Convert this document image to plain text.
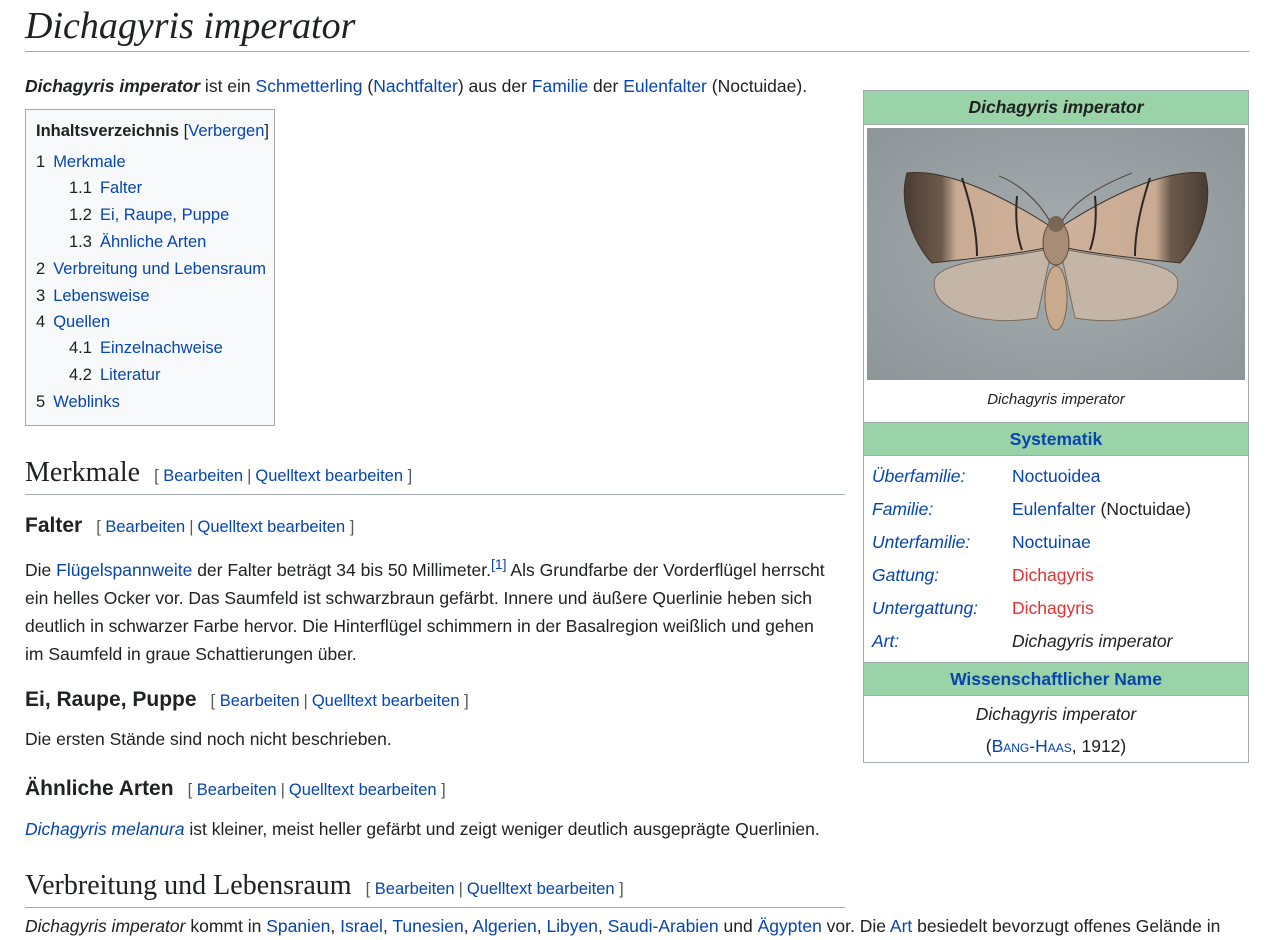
Dichagyris imperator

Dichagyris imperator ist ein Schmetterling (Nachtfalter) aus der Familie der Eulenfalter (Noctuidae).

Inhaltsverzeichnis [Verbergen]
1 Merkmale
1.1 Falter
1.2 Ei, Raupe, Puppe
1.3 Ähnliche Arten
2 Verbreitung und Lebensraum
3 Lebensweise
4 Quellen
4.1 Einzelnachweise
4.2 Literatur
5 Weblinks
Merkmale [ Bearbeiten | Quelltext bearbeiten ]
Falter [ Bearbeiten | Quelltext bearbeiten ]
Die Flügelspannweite der Falter beträgt 34 bis 50 Millimeter.[1] Als Grundfarbe der Vorderflügel herrscht
ein helles Ocker vor. Das Saumfeld ist schwarzbraun gefärbt. Innere und äußere Querlinie heben sich
deutlich in schwarzer Farbe hervor. Die Hinterflügel schimmern in der Basalregion weißlich und gehen
im Saumfeld in graue Schattierungen über.
Ei, Raupe, Puppe [ Bearbeiten | Quelltext bearbeiten ]

Die ersten Stände sind noch nicht beschrieben.

Ähnliche Arten [ Bearbeiten | Quelltext bearbeiten ]

Dichagyris melanura ist kleiner, meist heller gefärbt und zeigt weniger deutlich ausgeprägte Querlinien.

Verbreitung und Lebensraum [ Bearbeiten | Quelltext bearbeiten ]

Dichagyris imperator kommt in Spanien, Israel, Tunesien, Algerien, Libyen, Saudi-Arabien und Ägypten vor. Die Art besiedelt bevorzugt offenes Gelände in

Dichagyris imperator
Dichagyris imperator
Systematik
Überfamilie:	Noctuoidea
Familie:	Eulenfalter (Noctuidae)
Unterfamilie: Noctuinae
Gattung:	Dichagyris
Untergattung: Dichagyris
Art:	Dichagyris imperator
Wissenschaftlicher Name
Dichagyris imperator
(Bang-Haas, 1912)
